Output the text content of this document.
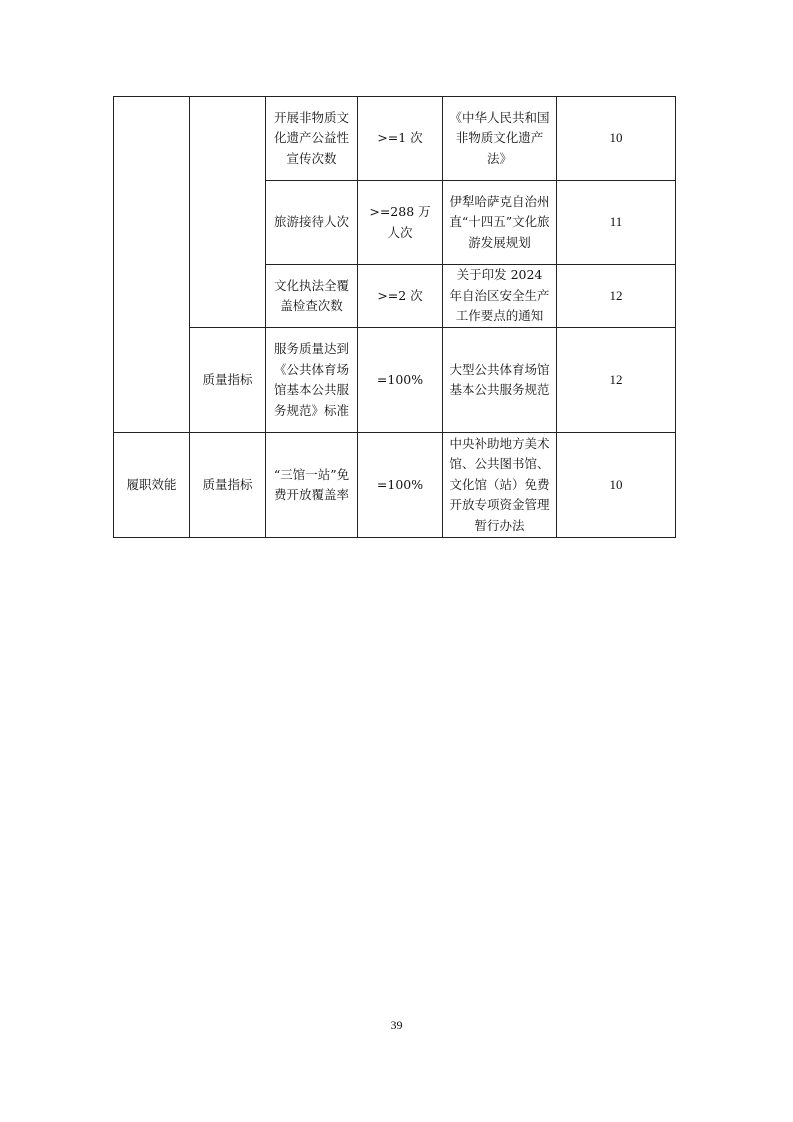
		开展非物质文化遗产公益性宣传次数	>=1 次	《中华人民共和国非物质文化遗产法》	10
		旅游接待人次	>=288 万人次	伊犁哈萨克自治州直“十四五”文化旅游发展规划	11
		文化执法全覆盖检查次数	>=2 次	关于印发 2024 年自治区安全生产工作要点的通知	12
	质量指标	服务质量达到《公共体育场馆基本公共服务规范》标准	=100%	大型公共体育场馆基本公共服务规范	12
履职效能	质量指标	“三馆一站”免费开放覆盖率	=100%	中央补助地方美术馆、公共图书馆、文化馆（站）免费开放专项资金管理暂行办法	10
39
